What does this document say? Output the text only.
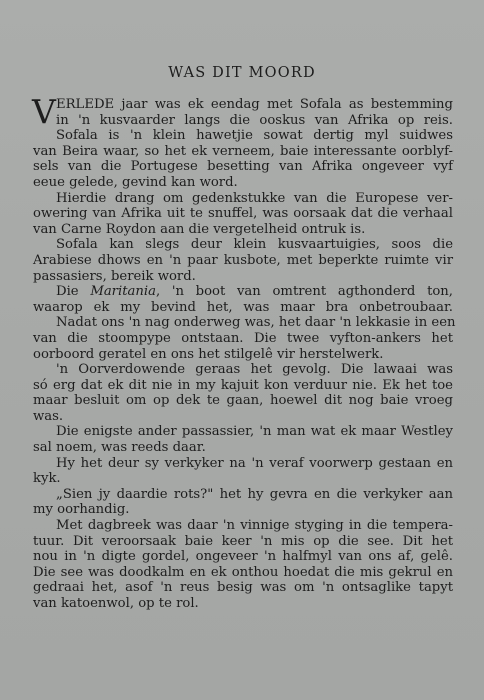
WAS DIT MOORD
V ERLEDE jaar was ek eendag met Sofala as bestemming
in 'n kusvaarder langs die ooskus van Afrika op reis.
Sofala is 'n klein hawetjie sowat dertig myl suidwes
van Beira waar, so het ek verneem, baie interessante oorblyf-
sels van die Portugese besetting van Afrika ongeveer vyf
eeue gelede, gevind kan word.
Hierdie drang om gedenkstukke van die Europese ver-
owering van Afrika uit te snuffel, was oorsaak dat die verhaal
van Carne Roydon aan die vergetelheid ontruk is.
Sofala kan slegs deur klein kusvaartuigies, soos die
Arabiese dhows en 'n paar kusbote, met beperkte ruimte vir
passasiers, bereik word.
Die Maritania, 'n boot van omtrent agthonderd ton,
waarop ek my bevind het, was maar bra onbetroubaar.
Nadat ons 'n nag onderweg was, het daar 'n lekkasie in een
van die stoompype ontstaan. Die twee vyfton-ankers het
oorboord geratel en ons het stilgelê vir herstelwerk.
'n Oorverdowende geraas het gevolg. Die lawaai was
só erg dat ek dit nie in my kajuit kon verduur nie. Ek het toe
maar besluit om op dek te gaan, hoewel dit nog baie vroeg
was.
Die enigste ander passassier, 'n man wat ek maar Westley
sal noem, was reeds daar.
Hy het deur sy verkyker na 'n veraf voorwerp gestaan en
kyk.
„Sien jy daardie rots?" het hy gevra en die verkyker aan
my oorhandig.
Met dagbreek was daar 'n vinnige styging in die tempera-
tuur. Dit veroorsaak baie keer 'n mis op die see. Dit het
nou in 'n digte gordel, ongeveer 'n halfmyl van ons af, gelê.
Die see was doodkalm en ek onthou hoedat die mis gekrul en
gedraai het, asof 'n reus besig was om 'n ontsaglike tapyt
van katoenwol, op te rol.
